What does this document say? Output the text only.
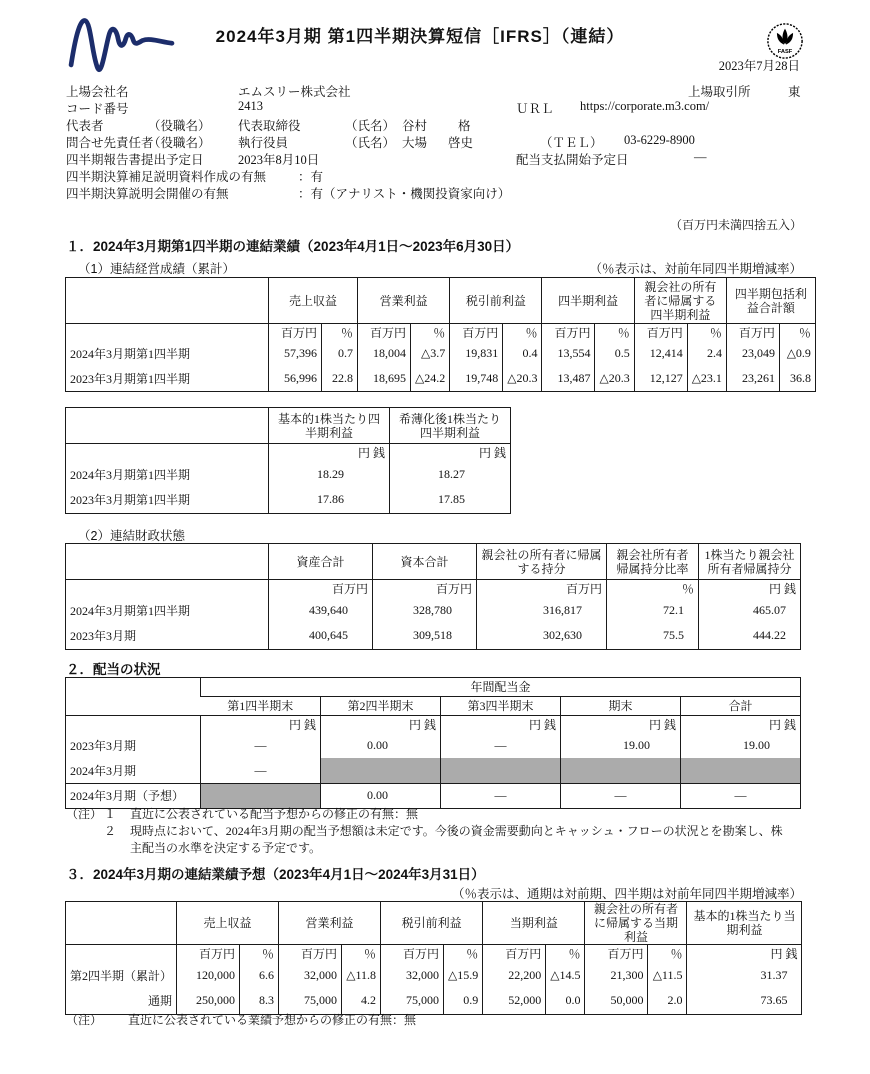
2024年3月期 第1四半期決算短信［IFRS］（連結）
FASF
2023年7月28日
上場会社名	エムスリー株式会社	上場取引所	東
コード番号	2413	ＵＲＬ https://corporate.m3.com/
代表者	（役職名） 代表取締役	（氏名） 谷村 格
問合せ先責任者
（役職名） 執行役員	（氏名） 大場 啓史	（ＴＥＬ） 03-6229-8900
四半期報告書提出予定日	2023年8月10日	配当支払開始予定日	―
四半期決算補足説明資料作成の有無	：有
四半期決算説明会開催の有無	：有（アナリスト・機関投資家向け）
（百万円未満四捨五入）
１．2024年3月期第1四半期の連結業績（2023年4月1日～2023年6月30日）
（1）連結経営成績（累計）	（％表示は、対前年同四半期増減率）
	売上収益		営業利益		税引前利益		四半期利益		親会社の所有者に帰属する四半期利益		四半期包括利益合計額	
	百万円	％	百万円	％	百万円	％	百万円	％	百万円	％	百万円	％
2024年3月期第1四半期	57,396	0.7	18,004	△3.7	19,831	0.4	13,554	0.5	12,414	2.4	23,049	△0.9
2023年3月期第1四半期	56,996	22.8	18,695	△24.2	19,748	△20.3	13,487	△20.3	12,127	△23.1	23,261	36.8
	基本的1株当たり四半期利益	希薄化後1株当たり四半期利益
	円 銭	円 銭
2024年3月期第1四半期	18.29	18.27
2023年3月期第1四半期	17.86	17.85
（2）連結財政状態
	資産合計	資本合計	親会社の所有者に帰属する持分	親会社所有者帰属持分比率	1株当たり親会社所有者帰属持分
	百万円	百万円	百万円	％	円 銭
2024年3月期第1四半期	439,640	328,780	316,817	72.1	465.07
2023年3月期	400,645	309,518	302,630	75.5	444.22
２．配当の状況
	年間配当金				
	第1四半期末	第2四半期末	第3四半期末	期末	合計
	円 銭	円 銭	円 銭	円 銭	円 銭
2023年3月期	―	0.00	―	19.00	19.00
2024年3月期	―				
2024年3月期（予想）		0.00	―	―	―
（注） １	直近に公表されている配当予想からの修正の有無：無
２	現時点において、2024年3月期の配当予想額は未定です。今後の資金需要動向とキャッシュ・フローの状況とを勘案し、株主配当の水準を決定する予定です。
３．2024年3月期の連結業績予想（2023年4月1日～2024年3月31日）
（％表示は、通期は対前期、四半期は対前年同四半期増減率）
	売上収益		営業利益		税引前利益		当期利益		親会社の所有者に帰属する当期利益		基本的1株当たり当期利益
	百万円	％	百万円	％	百万円	％	百万円	％	百万円	％	円 銭
第2四半期（累計）	120,000	6.6	32,000	△11.8	32,000	△15.9	22,200	△14.5	21,300	△11.5	31.37
通期	250,000	8.3	75,000	4.2	75,000	0.9	52,000	0.0	50,000	2.0	73.65
（注）	直近に公表されている業績予想からの修正の有無：無
